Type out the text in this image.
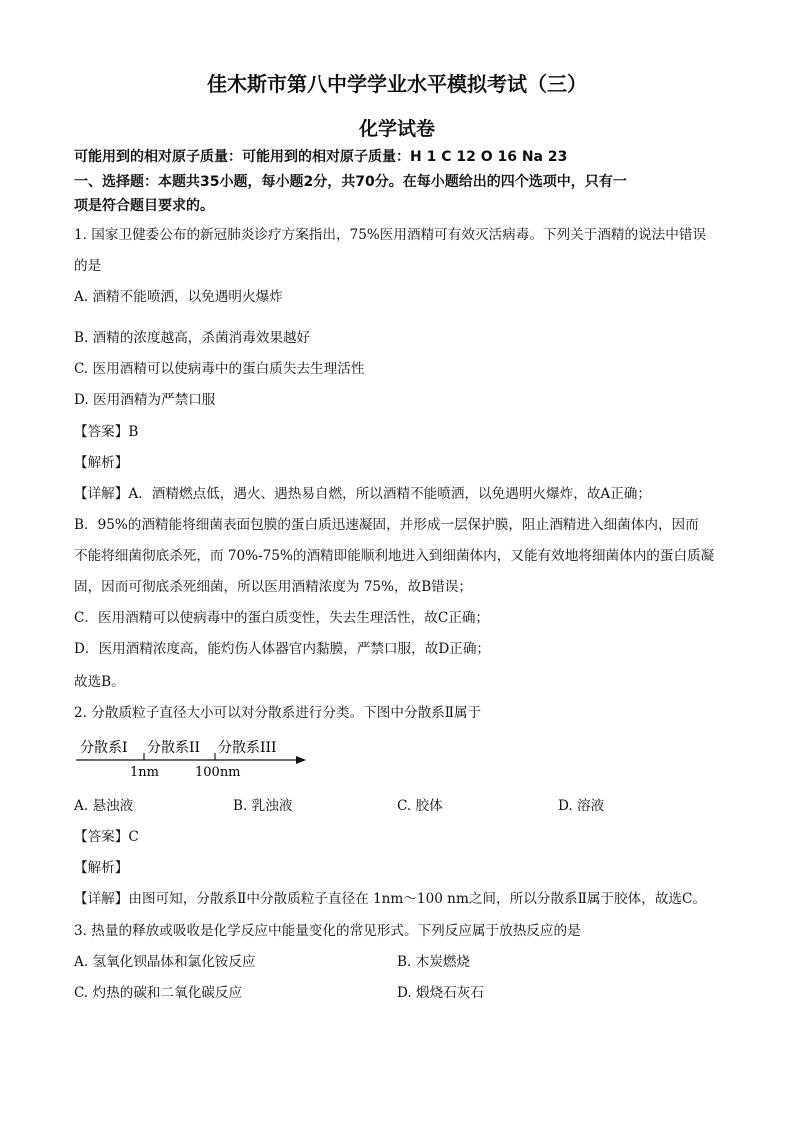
佳木斯市第八中学学业水平模拟考试（三）
化学试卷
可能用到的相对原子质量：可能用到的相对原子质量：H 1 C 12 O 16 Na 23
一、选择题：本题共35小题，每小题2分，共70分。在每小题给出的四个选项中，只有一
项是符合题目要求的。
1. 国家卫健委公布的新冠肺炎诊疗方案指出，75%医用酒精可有效灭活病毒。下列关于酒精的说法中错误
的是
A. 酒精不能喷洒，以免遇明火爆炸
B. 酒精的浓度越高，杀菌消毒效果越好
C. 医用酒精可以使病毒中的蛋白质失去生理活性
D. 医用酒精为严禁口服
【答案】B
【解析】
【详解】A．酒精燃点低，遇火、遇热易自燃，所以酒精不能喷洒，以免遇明火爆炸，故A正确；
B．95%的酒精能将细菌表面包膜的蛋白质迅速凝固，并形成一层保护膜，阻止酒精进入细菌体内，因而
不能将细菌彻底杀死，而 70%-75%的酒精即能顺利地进入到细菌体内，又能有效地将细菌体内的蛋白质凝
固，因而可彻底杀死细菌，所以医用酒精浓度为 75%，故B错误；
C．医用酒精可以使病毒中的蛋白质变性，失去生理活性，故C正确；
D．医用酒精浓度高，能灼伤人体器官内黏膜，严禁口服，故D正确；
故选B。
2. 分散质粒子直径大小可以对分散系进行分类。下图中分散系Ⅱ属于
分散系I 分散系II 分散系III
1nm	100nm
A. 悬浊液	B. 乳浊液	C. 胶体	D. 溶液
【答案】C
【解析】
【详解】由图可知，分散系Ⅱ中分散质粒子直径在 1nm～100 nm之间，所以分散系Ⅱ属于胶体，故选C。
3. 热量的释放或吸收是化学反应中能量变化的常见形式。下列反应属于放热反应的是
A. 氢氧化钡晶体和氯化铵反应	B. 木炭燃烧
C. 灼热的碳和二氧化碳反应	D. 煅烧石灰石
